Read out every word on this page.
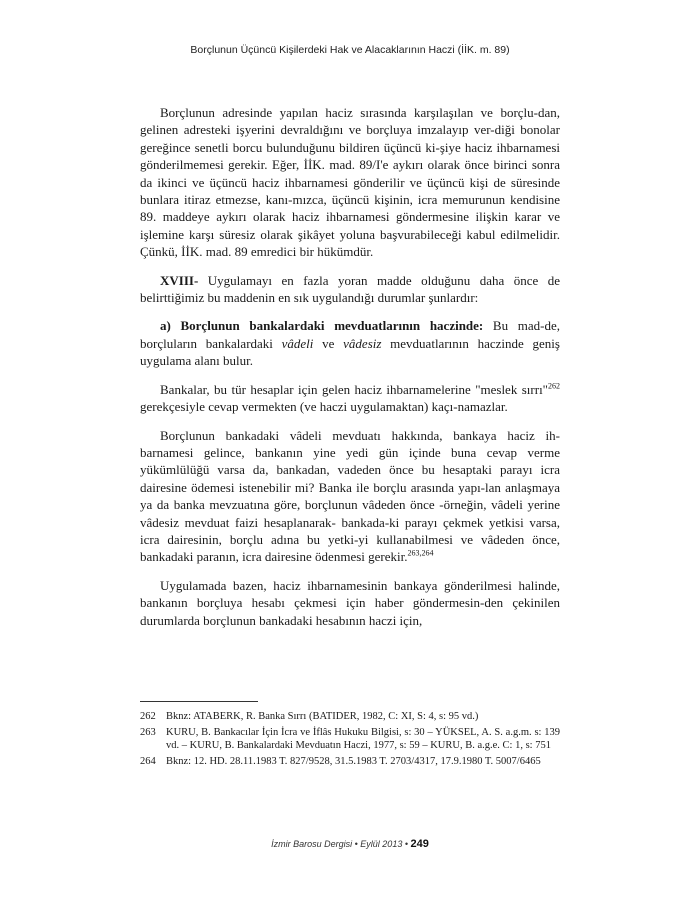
Borçlunun Üçüncü Kişilerdeki Hak ve Alacaklarının Haczi (İİK. m. 89)

Borçlunun adresinde yapılan haciz sırasında karşılaşılan ve borçlu-dan, gelinen adresteki işyerini devraldığını ve borçluya imzalayıp ver-diği bonolar gereğince senetli borcu bulunduğunu bildiren üçüncü ki-şiye haciz ihbarnamesi gönderilmemesi gerekir. Eğer, İİK. mad. 89/I'e aykırı olarak önce birinci sonra da ikinci ve üçüncü haciz ihbarnamesi gönderilir ve üçüncü kişi de süresinde bunlara itiraz etmezse, kanı-mızca, üçüncü kişinin, icra memurunun kendisine 89. maddeye aykırı olarak haciz ihbarnamesi göndermesine ilişkin karar ve işlemine karşı süresiz olarak şikâyet yoluna başvurabileceği kabul edilmelidir. Çünkü, İİK. mad. 89 emredici bir hükümdür.

XVIII- Uygulamayı en fazla yoran madde olduğunu daha önce de belirttiğimiz bu maddenin en sık uygulandığı durumlar şunlardır:

a) Borçlunun bankalardaki mevduatlarının haczinde: Bu mad-de, borçluların bankalardaki vâdeli ve vâdesiz mevduatlarının haczinde geniş uygulama alanı bulur.

Bankalar, bu tür hesaplar için gelen haciz ihbarnamelerine "meslek sırrı"$^{262}$ gerekçesiyle cevap vermekten (ve haczi uygulamaktan) kaçı-namazlar.

Borçlunun bankadaki vâdeli mevduatı hakkında, bankaya haciz ih-barnamesi gelince, bankanın yine yedi gün içinde buna cevap verme yükümlülüğü varsa da, bankadan, vadeden önce bu hesaptaki parayı icra dairesine ödemesi istenebilir mi? Banka ile borçlu arasında yapı-lan anlaşmaya ya da banka mevzuatına göre, borçlunun vâdeden önce -örneğin, vâdeli yerine vâdesiz mevduat faizi hesaplanarak- bankada-ki parayı çekmek yetkisi varsa, icra dairesinin, borçlu adına bu yetki-yi kullanabilmesi ve vâdeden önce, bankadaki paranın, icra dairesine ödenmesi gerekir.$^{263,264}$

Uygulamada bazen, haciz ihbarnamesinin bankaya gönderilmesi halinde, bankanın borçluya hesabı çekmesi için haber göndermesin-den çekinilen durumlarda borçlunun bankadaki hesabının haczi için,

262 Bknz: ATABERK, R. Banka Sırrı (BATIDER, 1982, C: XI, S: 4, s: 95 vd.)
263 KURU, B. Bankacılar İçin İcra ve İflâs Hukuku Bilgisi, s: 30 – YÜKSEL, A. S. a.g.m. s: 139 vd. – KURU, B. Bankalardaki Mevduatın Haczi, 1977, s: 59 – KURU, B. a.g.e. C: 1, s: 751
264 Bknz: 12. HD. 28.11.1983 T. 827/9528, 31.5.1983 T. 2703/4317, 17.9.1980 T. 5007/6465
İzmir Barosu Dergisi • Eylül 2013 • 249
